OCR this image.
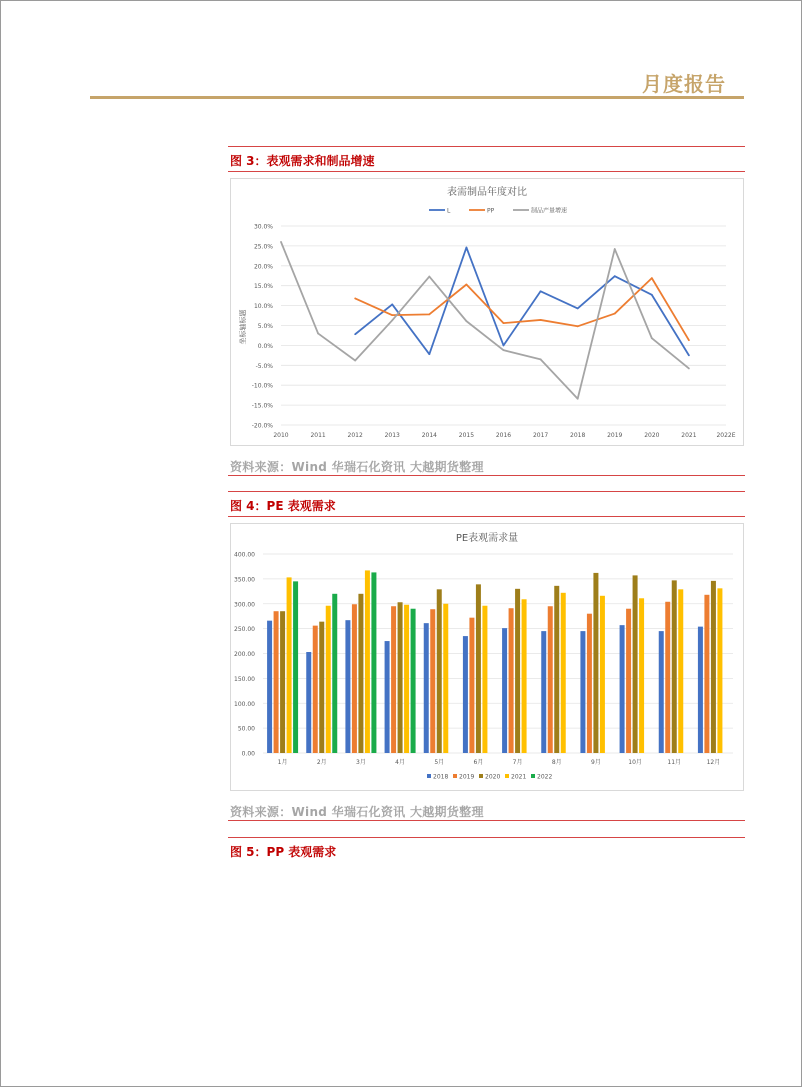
月度报告
图 3：表观需求和制品增速
表需制品年度对比
L	PP	制品产量增速
坐标轴标题
30.0%
25.0%
20.0%
15.0%
10.0%
5.0%
0.0%
-5.0%
-10.0%
-15.0%
-20.0%
2010	2011	2012	2013	2014	2015	2016	2017	2018	2019	2020	2021	2022E
资料来源：Wind 华瑞石化资讯 大越期货整理
图 4：PE 表观需求
PE表观需求量
400.00
350.00
300.00
250.00
200.00
150.00
100.00
50.00
0.00
1月	2月	3月	4月	5月	6月	7月	8月	9月	10月	11月	12月
2018 2019 2020 2021 2022
资料来源：Wind 华瑞石化资讯 大越期货整理
图 5：PP 表观需求
